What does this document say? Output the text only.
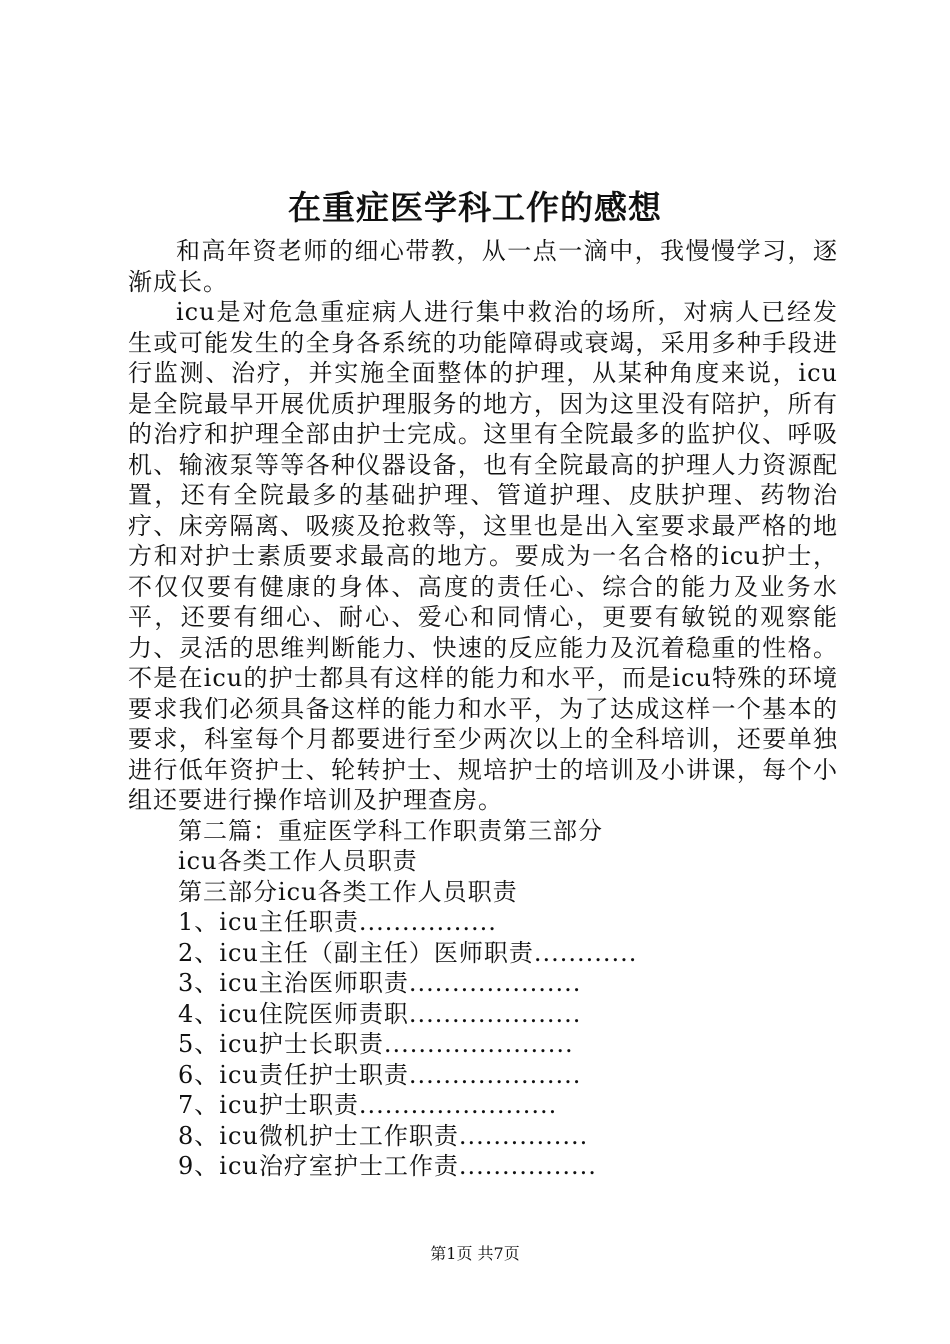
在重症医学科工作的感想

和高年资老师的细心带教，从一点一滴中，我慢慢学习，逐渐成长。

icu是对危急重症病人进行集中救治的场所，对病人已经发生或可能发生的全身各系统的功能障碍或衰竭，采用多种手段进行监测、治疗，并实施全面整体的护理，从某种角度来说，icu是全院最早开展优质护理服务的地方，因为这里没有陪护，所有的治疗和护理全部由护士完成。这里有全院最多的监护仪、呼吸机、输液泵等等各种仪器设备，也有全院最高的护理人力资源配置，还有全院最多的基础护理、管道护理、皮肤护理、药物治疗、床旁隔离、吸痰及抢救等，这里也是出入室要求最严格的地方和对护士素质要求最高的地方。要成为一名合格的icu护士，不仅仅要有健康的身体、高度的责任心、综合的能力及业务水平，还要有细心、耐心、爱心和同情心，更要有敏锐的观察能力、灵活的思维判断能力、快速的反应能力及沉着稳重的性格。不是在icu的护士都具有这样的能力和水平，而是icu特殊的环境要求我们必须具备这样的能力和水平，为了达成这样一个基本的要求，科室每个月都要进行至少两次以上的全科培训，还要单独进行低年资护士、轮转护士、规培护士的培训及小讲课，每个小组还要进行操作培训及护理查房。

第二篇：重症医学科工作职责第三部分

icu各类工作人员职责

第三部分icu各类工作人员职责

1、icu主任职责................

2、icu主任（副主任）医师职责............

3、icu主治医师职责....................

4、icu住院医师责职....................

5、icu护士长职责......................

6、icu责任护士职责....................

7、icu护士职责.......................

8、icu微机护士工作职责...............

9、icu治疗室护士工作责................

第1页 共7页
